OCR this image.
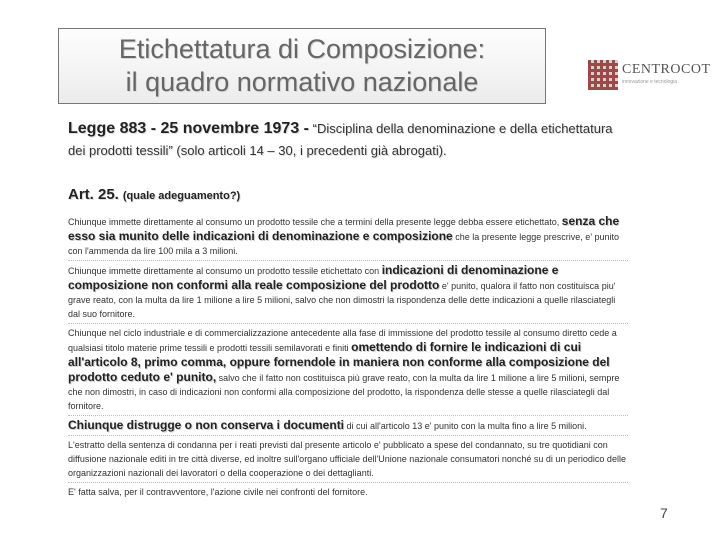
Etichettatura di Composizione:
il quadro normativo nazionale	CENTROCOT
innovazione e tecnologia
Legge 883 - 25 novembre 1973 - “Disciplina della denominazione e della etichettatura dei prodotti tessili” (solo articoli 14 – 30, i precedenti già abrogati).
Art. 25. (quale adeguamento?)

Chiunque immette direttamente al consumo un prodotto tessile che a termini della presente legge debba essere etichettato, senza che esso sia munito delle indicazioni di denominazione e composizione che la presente legge prescrive, e' punito con l'ammenda da lire 100 mila a 3 milioni.

Chiunque immette direttamente al consumo un prodotto tessile etichettato con indicazioni di denominazione e composizione non conformi alla reale composizione del prodotto e' punito, qualora il fatto non costituisca piu' grave reato, con la multa da lire 1 milione a lire 5 milioni, salvo che non dimostri la rispondenza delle dette indicazioni a quelle rilasciategli dal suo fornitore.

Chiunque nel ciclo industriale e di commercializzazione antecedente alla fase di immissione del prodotto tessile al consumo diretto cede a qualsiasi titolo materie prime tessili e prodotti tessili semilavorati e finiti omettendo di fornire le indicazioni di cui all'articolo 8, primo comma, oppure fornendole in maniera non conforme alla composizione del prodotto ceduto e' punito, salvo che il fatto non costituisca più grave reato, con la multa da lire 1 milione a lire 5 milioni, sempre che non dimostri, in caso di indicazioni non conformi alla composizione del prodotto, la rispondenza delle stesse a quelle rilasciategli dal fornitore.

Chiunque distrugge o non conserva i documenti di cui all'articolo 13 e' punito con la multa fino a lire 5 milioni.

L'estratto della sentenza di condanna per i reati previsti dal presente articolo e' pubblicato a spese del condannato, su tre quotidiani con diffusione nazionale editi in tre città diverse, ed inoltre sull'organo ufficiale dell'Unione nazionale consumatori nonché su di un periodico delle organizzazioni nazionali dei lavoratori o della cooperazione o dei dettaglianti.

E' fatta salva, per il contravventore, l'azione civile nei confronti del fornitore.

7
